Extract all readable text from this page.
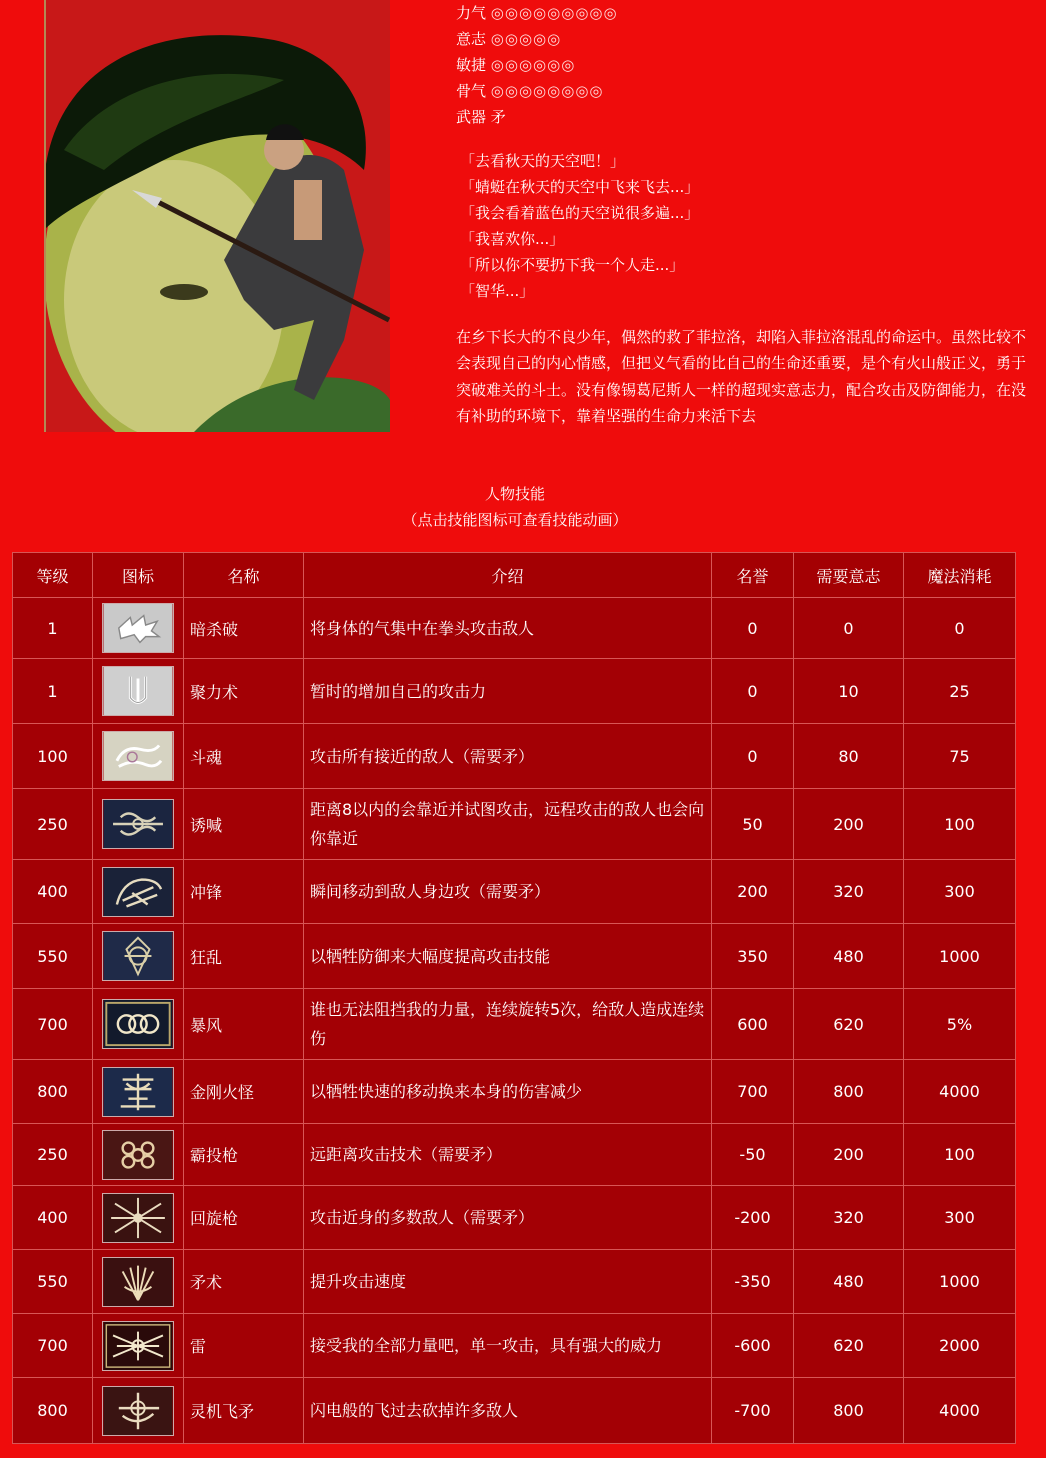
力气 ◎◎◎◎◎◎◎◎◎
意志 ◎◎◎◎◎
敏捷 ◎◎◎◎◎◎
骨气 ◎◎◎◎◎◎◎◎
武器 矛
「去看秋天的天空吧！」
「蜻蜓在秋天的天空中飞来飞去...」
「我会看着蓝色的天空说很多遍...」
「我喜欢你...」
「所以你不要扔下我一个人走...」
「智华...」
在乡下长大的不良少年，偶然的救了菲拉洛，却陷入菲拉洛混乱的命运中。虽然比较不会表现自己的内心情感，但把义气看的比自己的生命还重要，是个有火山般正义，勇于突破难关的斗士。没有像锡葛尼斯人一样的超现实意志力，配合攻击及防御能力，在没有补助的环境下，靠着坚强的生命力来活下去
人物技能
（点击技能图标可查看技能动画）
等级	图标	名称	介绍	名誉	需要意志	魔法消耗
1		暗杀破	将身体的气集中在拳头攻击敌人	0	0	0
1		聚力术	暂时的增加自己的攻击力	0	10	25
100		斗魂	攻击所有接近的敌人（需要矛）	0	80	75
250		诱喊	距离8以内的会靠近并试图攻击，远程攻击的敌人也会向你靠近	50	200	100
400		冲锋	瞬间移动到敌人身边攻（需要矛）	200	320	300
550		狂乱	以牺牲防御来大幅度提高攻击技能	350	480	1000
700		暴风	谁也无法阻挡我的力量，连续旋转5次，给敌人造成连续伤	600	620	5%
800		金刚火怪	以牺牲快速的移动换来本身的伤害减少	700	800	4000
250		霸投枪	远距离攻击技术（需要矛）	-50	200	100
400		回旋枪	攻击近身的多数敌人（需要矛）	-200	320	300
550		矛术	提升攻击速度	-350	480	1000
700		雷	接受我的全部力量吧，单一攻击，具有强大的威力	-600	620	2000
800		灵机飞矛	闪电般的飞过去砍掉许多敌人	-700	800	4000
